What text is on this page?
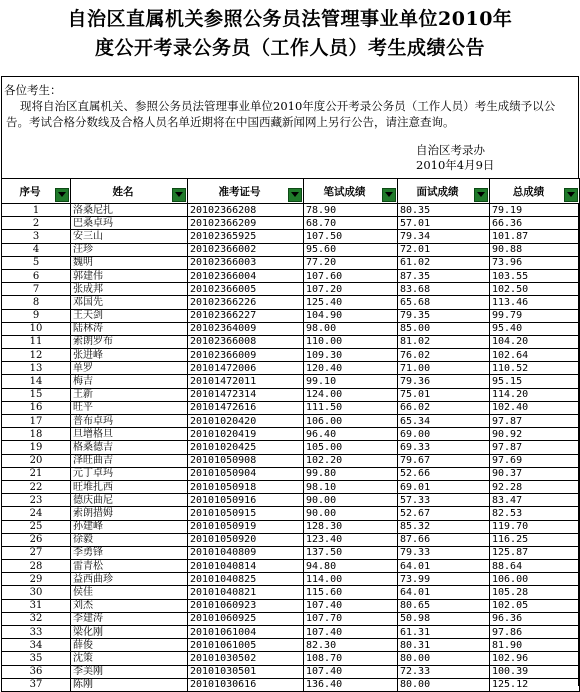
自治区直属机关参照公务员法管理事业单位2010年
度公开考录公务员（工作人员）考生成绩公告
各位考生：
现将自治区直属机关、参照公务员法管理事业单位2010年度公开考录公务员（工作人员）考生成绩予以公告。考试合格分数线及合格人员名单近期将在中国西藏新闻网上另行公告，请注意查询。
自治区考录办
2010年4月9日
序号	姓名	准考证号	笔试成绩	面试成绩	总成绩

1	洛桑尼扎	20102366208	78.90	80.35	79.19
2	巴桑卓玛	20102366209	68.70	57.01	66.36
3	安三山	20102365925	107.50	79.34	101.87
4	汪珍	20102366002	95.60	72.01	90.88
5	魏明	20102366003	77.20	61.02	73.96
6	郭建伟	20102366004	107.60	87.35	103.55
7	张成邦	20102366005	107.20	83.68	102.50
8	邓国先	20102366226	125.40	65.68	113.46
9	王天剑	20102366227	104.90	79.35	99.79
10	陆林涛	20102364009	98.00	85.00	95.40
11	索朗罗布	20102366008	110.00	81.02	104.20
12	张进峰	20102366009	109.30	76.02	102.64
13	单罗	20101472006	120.40	71.00	110.52
14	梅吉	20101472011	99.10	79.36	95.15
15	王新	20101472314	124.00	75.01	114.20
16	旺平	20101472616	111.50	66.02	102.40
17	普布卓玛	20101020420	106.00	65.34	97.87
18	旦增格旦	20101020419	96.40	69.00	90.92
19	格桑德吉	20101020425	105.00	69.33	97.87
20	泽旺曲吉	20101050908	102.20	79.67	97.69
21	元丁卓玛	20101050904	99.80	52.66	90.37
22	旺堆扎西	20101050918	98.10	69.01	92.28
23	德庆曲尼	20101050916	90.00	57.33	83.47
24	索朗措姆	20101050915	90.00	52.67	82.53
25	孙建峰	20101050919	128.30	85.32	119.70
26	徐毅	20101050920	123.40	87.66	116.25
27	李勇锋	20101040809	137.50	79.33	125.87
28	雷青松	20101040814	94.80	64.01	88.64
29	益西曲珍	20101040825	114.00	73.99	106.00
30	侯佳	20101040821	115.60	64.01	105.28
31	刘杰	20101060923	107.40	80.65	102.05
32	李建涛	20101060925	107.70	50.98	96.36
33	梁化刚	20101061004	107.40	61.31	97.86
34	薛俊	20101061005	82.30	80.31	81.90
35	沈策	20101030502	108.70	80.00	102.96
36	李美刚	20101030501	107.40	72.33	100.39
37	陈刚	20101030616	136.40	80.00	125.12
